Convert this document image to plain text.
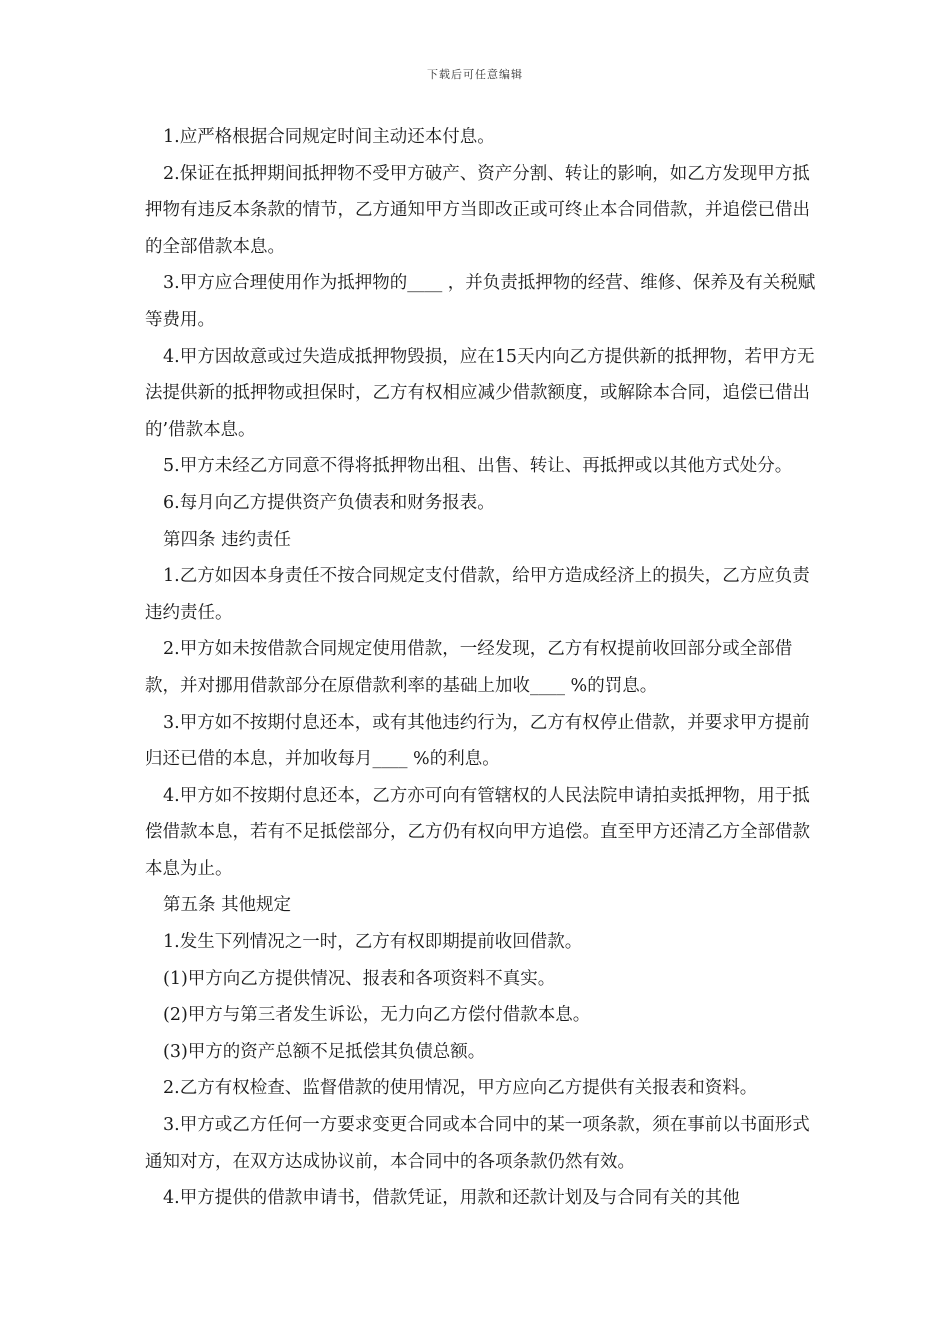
下载后可任意编辑

1.应严格根据合同规定时间主动还本付息。

2.保证在抵押期间抵押物不受甲方破产、资产分割、转让的影响，如乙方发现甲方抵押物有违反本条款的情节，乙方通知甲方当即改正或可终止本合同借款，并追偿已借出的全部借款本息。

3.甲方应合理使用作为抵押物的____ ，并负责抵押物的经营、维修、保养及有关税赋等费用。

4.甲方因故意或过失造成抵押物毁损，应在15天内向乙方提供新的抵押物，若甲方无法提供新的抵押物或担保时，乙方有权相应减少借款额度，或解除本合同，追偿已借出的’借款本息。

5.甲方未经乙方同意不得将抵押物出租、出售、转让、再抵押或以其他方式处分。

6.每月向乙方提供资产负债表和财务报表。

第四条 违约责任

1.乙方如因本身责任不按合同规定支付借款，给甲方造成经济上的损失，乙方应负责违约责任。

2.甲方如未按借款合同规定使用借款，一经发现，乙方有权提前收回部分或全部借款，并对挪用借款部分在原借款利率的基础上加收____ %的罚息。

3.甲方如不按期付息还本，或有其他违约行为，乙方有权停止借款，并要求甲方提前归还已借的本息，并加收每月____ %的利息。

4.甲方如不按期付息还本，乙方亦可向有管辖权的人民法院申请拍卖抵押物，用于抵偿借款本息，若有不足抵偿部分，乙方仍有权向甲方追偿。直至甲方还清乙方全部借款本息为止。

第五条 其他规定

1.发生下列情况之一时，乙方有权即期提前收回借款。

(1)甲方向乙方提供情况、报表和各项资料不真实。

(2)甲方与第三者发生诉讼，无力向乙方偿付借款本息。

(3)甲方的资产总额不足抵偿其负债总额。

2.乙方有权检查、监督借款的使用情况，甲方应向乙方提供有关报表和资料。

3.甲方或乙方任何一方要求变更合同或本合同中的某一项条款，须在事前以书面形式通知对方，在双方达成协议前，本合同中的各项条款仍然有效。

4.甲方提供的借款申请书，借款凭证，用款和还款计划及与合同有关的其他
